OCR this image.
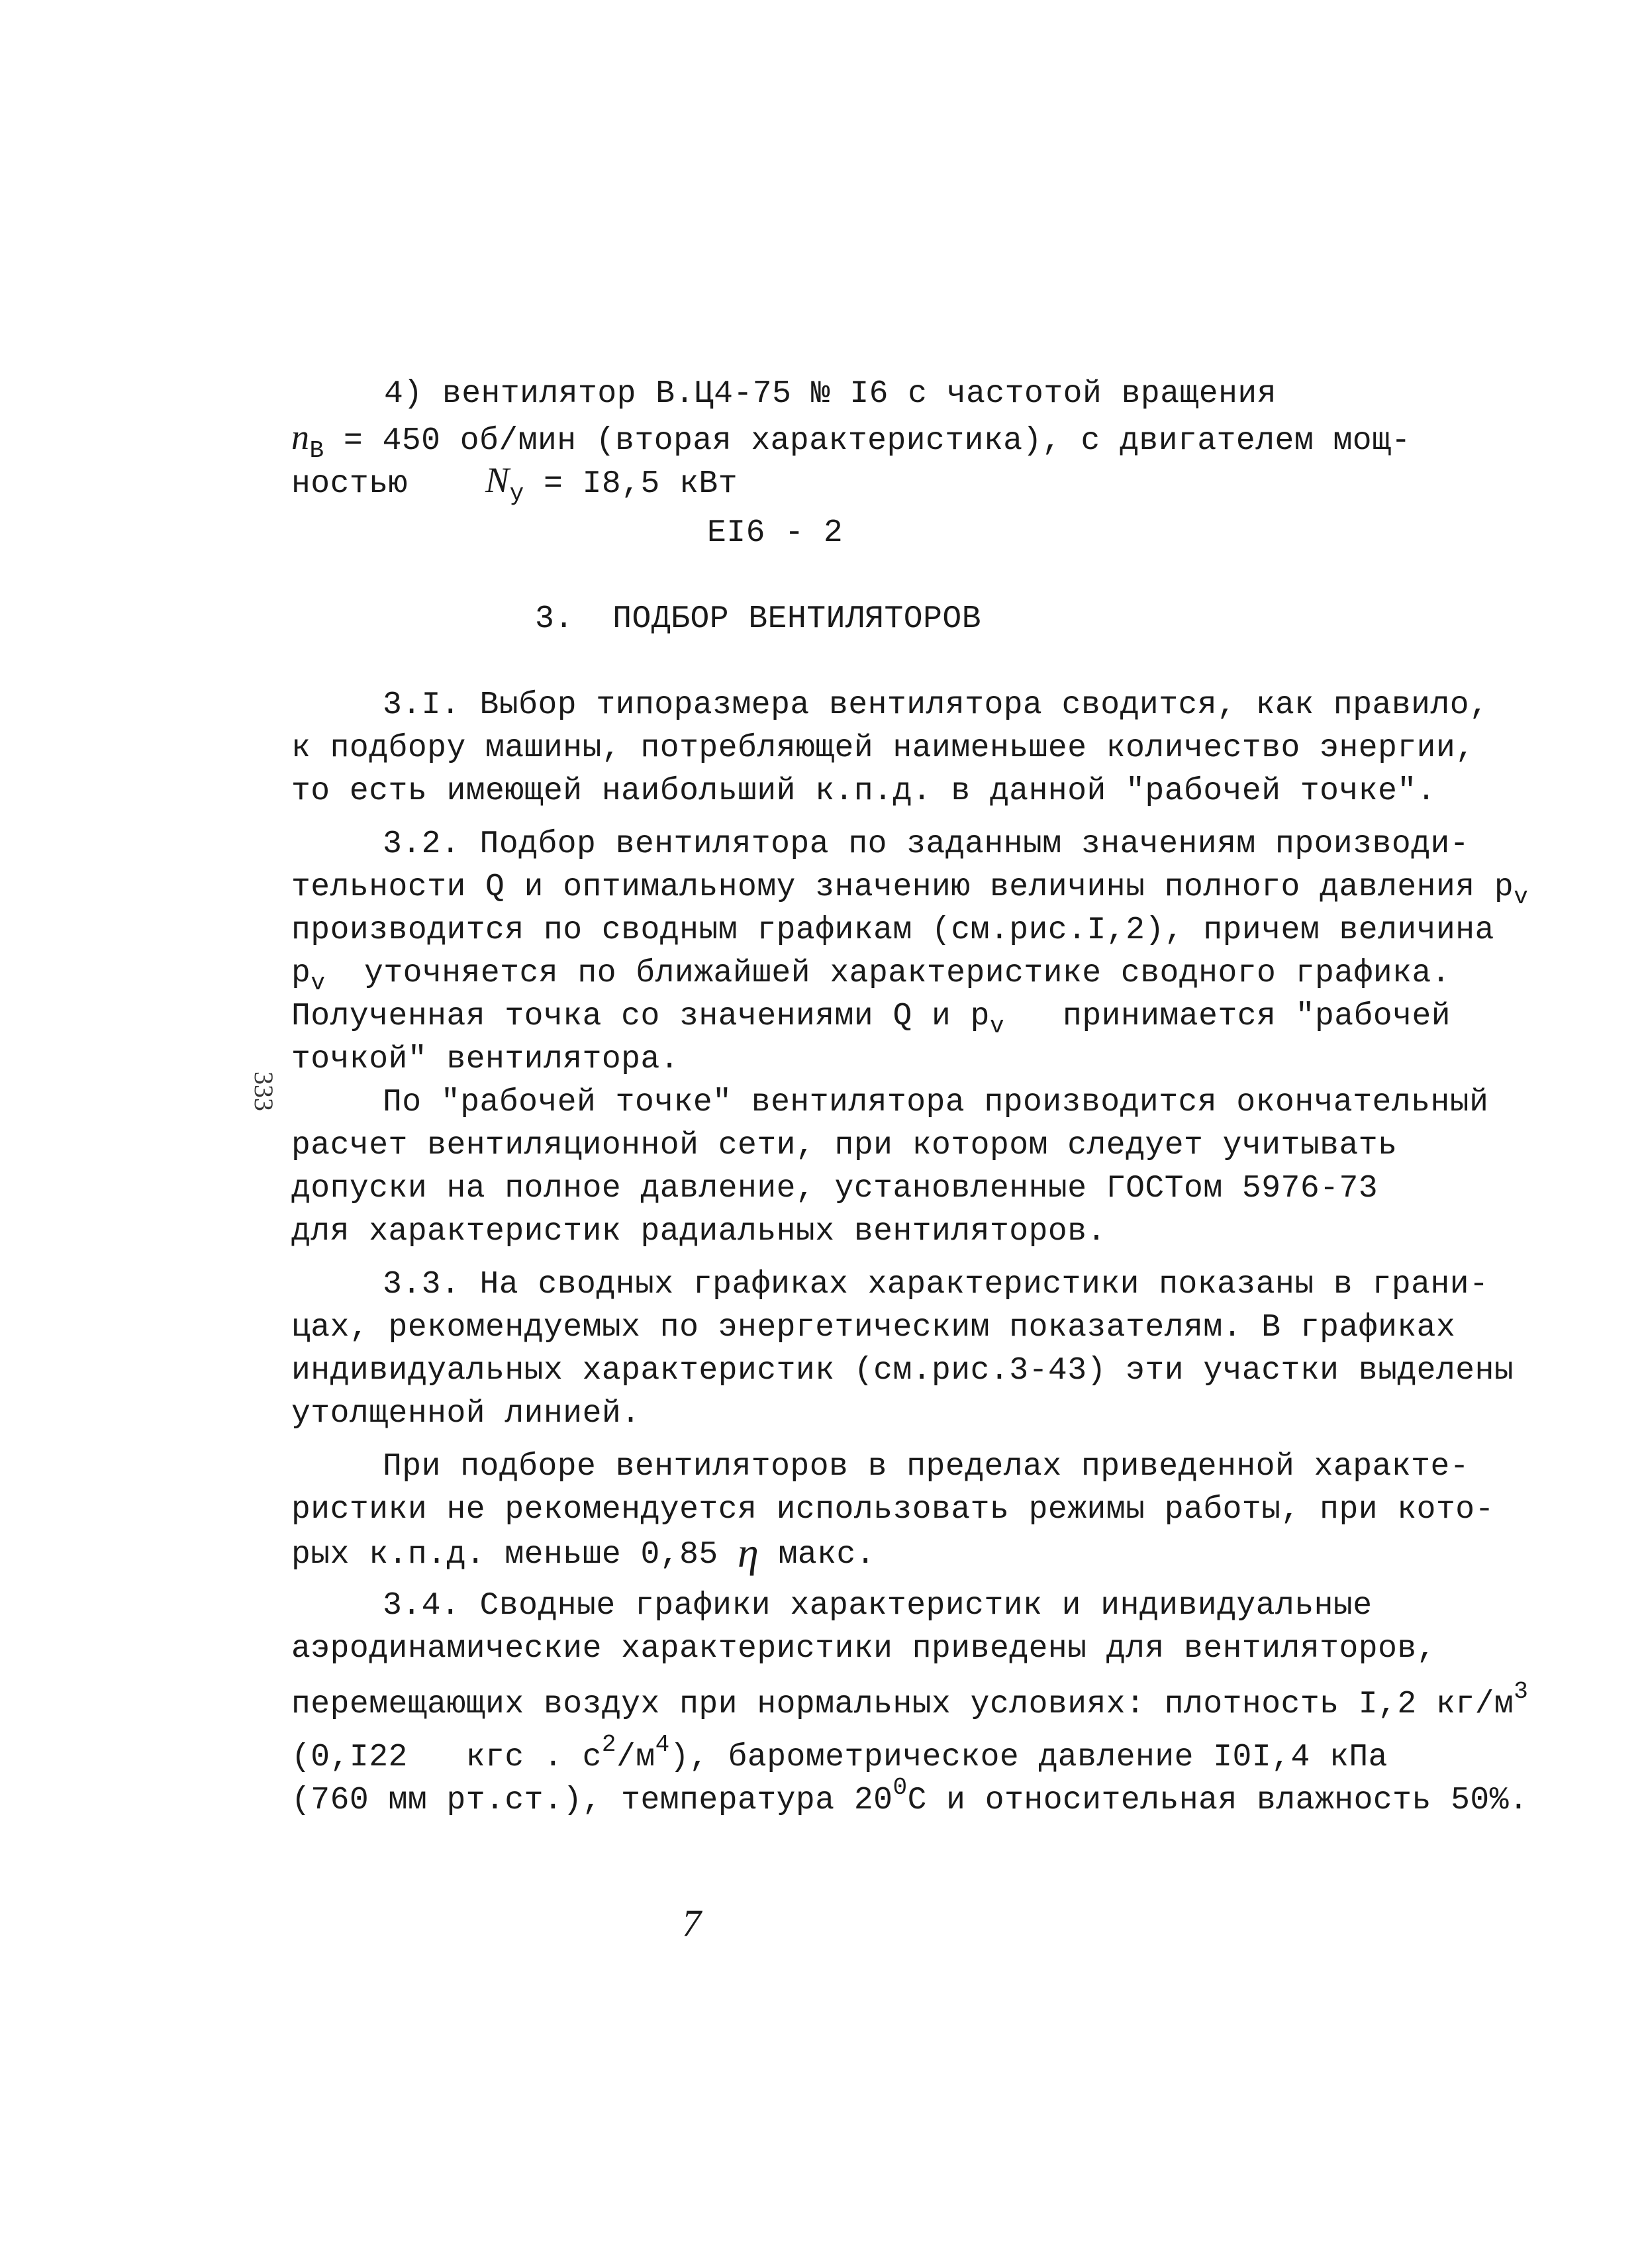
4) вентилятор В.Ц4-75 № I6 с частотой вращения
$n_В = 450$ об/мин (вторая характеристика), с двигателем мощ-
ностью    $N_у = I8,5$ кВт
ЕI6 - 2
3.  ПОДБОР ВЕНТИЛЯТОРОВ
3.I. Выбор типоразмера вентилятора сводится, как правило,
к подбору машины, потребляющей наименьшее количество энергии,
то есть имеющей наибольший к.п.д. в данной "рабочей точке".
3.2. Подбор вентилятора по заданным значениям производи-
тельности Q и оптимальному значению величины полного давления $p_v$
производится по сводным графикам (см.рис.I,2), причем величина
$p_v$  уточняется по ближайшей характеристике сводного графика.
Полученная точка со значениями Q и $p_v$   принимается "рабочей
точкой" вентилятора.
333	По "рабочей точке" вентилятора производится окончательный
расчет вентиляционной сети, при котором следует учитывать
допуски на полное давление, установленные ГОСТом 5976-73
для характеристик радиальных вентиляторов.
3.3. На сводных графиках характеристики показаны в грани-
цах, рекомендуемых по энергетическим показателям. В графиках
индивидуальных характеристик (см.рис.3-43) эти участки выделены
утолщенной линией.
При подборе вентиляторов в пределах приведенной характе-
ристики не рекомендуется использовать режимы работы, при кото-
рых к.п.д. меньше 0,85 η макс.
3.4. Сводные графики характеристик и индивидуальные
аэродинамические характеристики приведены для вентиляторов,
перемещающих воздух при нормальных условиях: плотность I,2 $кг/м^3$
(0,I22   кгс . $с^2/м^4$), барометрическое давление I0I,4 кПа
(760 мм рт.ст.), температура $20^0С$ и относительная влажность 50%.
7
